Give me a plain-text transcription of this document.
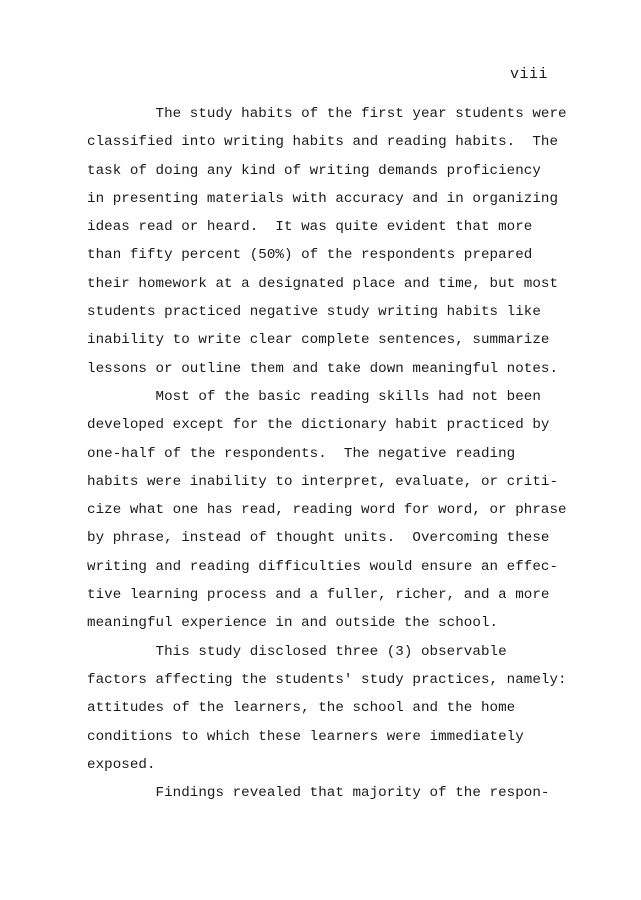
viii
The study habits of the first year students were
classified into writing habits and reading habits.  The
task of doing any kind of writing demands proficiency
in presenting materials with accuracy and in organizing
ideas read or heard.  It was quite evident that more
than fifty percent (50%) of the respondents prepared
their homework at a designated place and time, but most
students practiced negative study writing habits like
inability to write clear complete sentences, summarize
lessons or outline them and take down meaningful notes.
Most of the basic reading skills had not been
developed except for the dictionary habit practiced by
one-half of the respondents.  The negative reading
habits were inability to interpret, evaluate, or criti-
cize what one has read, reading word for word, or phrase
by phrase, instead of thought units.  Overcoming these
writing and reading difficulties would ensure an effec-
tive learning process and a fuller, richer, and a more
meaningful experience in and outside the school.
This study disclosed three (3) observable
factors affecting the students' study practices, namely:
attitudes of the learners, the school and the home
conditions to which these learners were immediately
exposed.
Findings revealed that majority of the respon-
